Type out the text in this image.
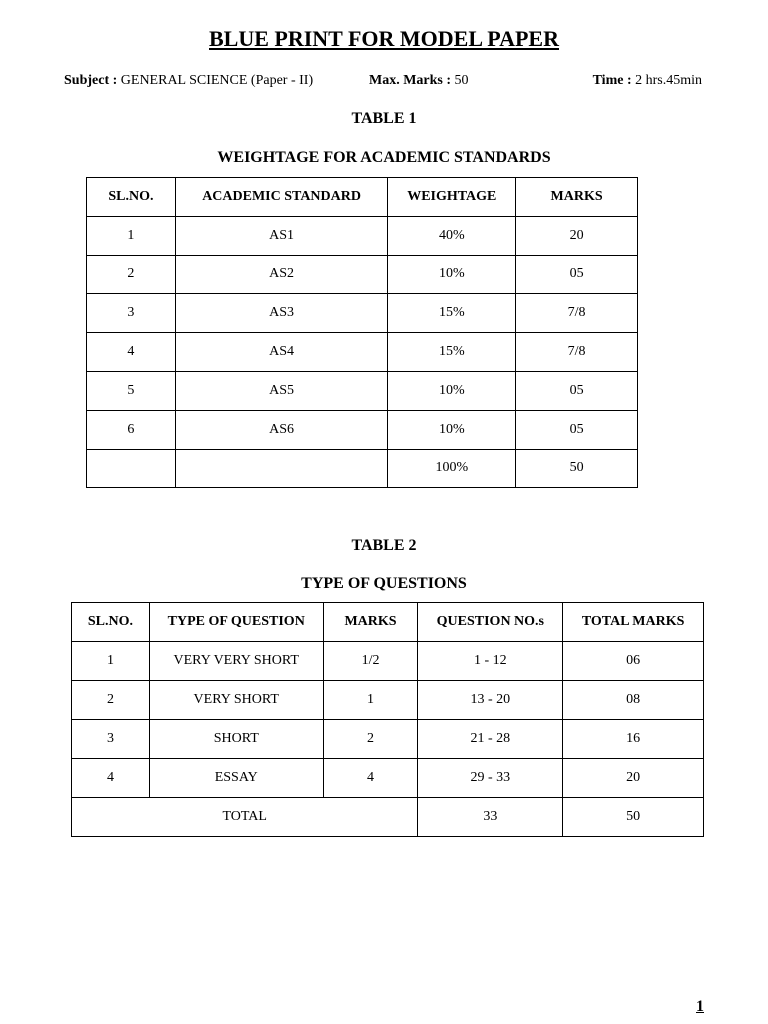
BLUE PRINT FOR MODEL PAPER
Subject : GENERAL SCIENCE (Paper - II)	Max. Marks : 50	Time : 2 hrs.45min
TABLE 1
WEIGHTAGE FOR ACADEMIC STANDARDS
SL.NO.	ACADEMIC STANDARD	WEIGHTAGE	MARKS
1	AS1	40%	20
2	AS2	10%	05
3	AS3	15%	7/8
4	AS4	15%	7/8
5	AS5	10%	05
6	AS6	10%	05
		100%	50
TABLE 2
TYPE OF QUESTIONS
SL.NO.	TYPE OF QUESTION	MARKS	QUESTION NO.s	TOTAL MARKS
1	VERY VERY SHORT	1/2	1 - 12	06
2	VERY SHORT	1	13 - 20	08
3	SHORT	2	21 - 28	16
4	ESSAY	4	29 - 33	20
TOTAL			33	50
1
